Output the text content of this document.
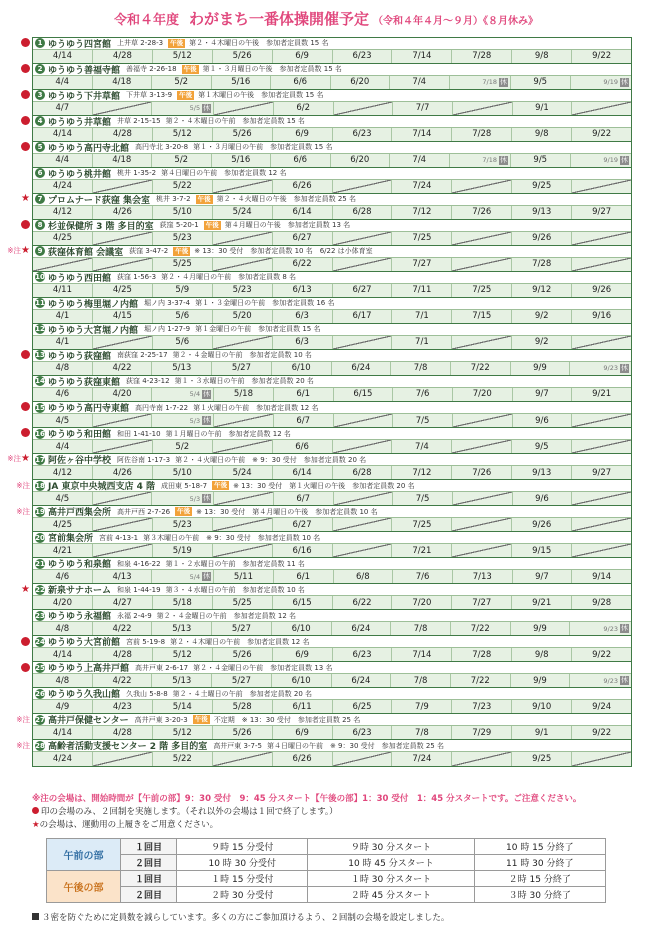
令和４年度 わがまち一番体操開催予定 （令和４年４月～９月）《８月休み》
★
※注★
※注★
※注
※注
★
※注
※注
1 ゆうゆう四宮館 上井草 2-28-3	午後 第２・４木曜日の午後　参加者定員数 15 名
4/14	4/28	5/12	5/26	6/9	6/23	7/14	7/28	9/8	9/22
2 ゆうゆう善福寺館 善福寺 2-26-18	午後 第１・３月曜日の午後　参加者定員数 15 名
4/4	4/18	5/2	5/16	6/6	6/20	7/4	7/18 休	9/5	9/19 休
3 ゆうゆう下井草館 下井草 3-13-9	午後 第１木曜日の午後　参加者定員数 15 名
4/7	5/5 休	6/2	7/7	9/1
4 ゆうゆう井草館 井草 2-15-15 第２・４木曜日の午前　参加者定員数 15 名
4/14	4/28	5/12	5/26	6/9	6/23	7/14	7/28	9/8	9/22
5 ゆうゆう高円寺北館 高円寺北 3-20-8 第１・３月曜日の午前　参加者定員数 15 名
4/4	4/18	5/2	5/16	6/6	6/20	7/4	7/18 休	9/5	9/19 休
6 ゆうゆう桃井館 桃井 1-35-2 第４日曜日の午前　参加者定員数 12 名
4/24	5/22	6/26	7/24	9/25
7 プロムナード荻窪 集会室 桃井 3-7-2	午後 第２・４火曜日の午後　参加者定員数 25 名
4/12	4/26	5/10	5/24	6/14	6/28	7/12	7/26	9/13	9/27
8 杉並保健所 3 階 多目的室 荻窪 5-20-1	午後 第４月曜日の午後　参加者定員数 13 名
4/25	5/23	6/27	7/25	9/26
9 荻窪体育館 会議室 荻窪 3-47-2	午後 ※ 13：30 受付　参加者定員数 10 名　6/22 は小体育室
5/25	6/22	7/27	7/28
10 ゆうゆう西田館 荻窪 1-56-3 第２・４月曜日の午前　参加者定員数 8 名
4/11	4/25	5/9	5/23	6/13	6/27	7/11	7/25	9/12	9/26
11 ゆうゆう梅里堀ノ内館 堀ノ内 3-37-4 第１・３金曜日の午前　参加者定員数 16 名
4/1	4/15	5/6	5/20	6/3	6/17	7/1	7/15	9/2	9/16
12 ゆうゆう大宮堀ノ内館 堀ノ内 1-27-9 第１金曜日の午前　参加者定員数 15 名
4/1	5/6	6/3	7/1	9/2
13 ゆうゆう荻窪館 南荻窪 2-25-17 第２・４金曜日の午前　参加者定員数 10 名
4/8	4/22	5/13	5/27	6/10	6/24	7/8	7/22	9/9	9/23 休
14 ゆうゆう荻窪東館 荻窪 4-23-12 第１・３水曜日の午前　参加者定員数 20 名
4/6	4/20	5/4 休	5/18	6/1	6/15	7/6	7/20	9/7	9/21
15 ゆうゆう高円寺東館 高円寺南 1-7-22 第１火曜日の午前　参加者定員数 12 名
4/5	5/3 休	6/7	7/5	9/6
16 ゆうゆう和田館 和田 1-41-10 第１月曜日の午前　参加者定員数 12 名
4/4	5/2	6/6	7/4	9/5
17 阿佐ヶ谷中学校 阿佐谷南 1-17-3 第２・４火曜日の午前　※ 9：30 受付　参加者定員数 20 名
4/12	4/26	5/10	5/24	6/14	6/28	7/12	7/26	9/13	9/27
18 JA 東京中央城西支店 4 階 成田東 5-18-7	午後 ※ 13：30 受付　第１火曜日の午後　参加者定員数 20 名
4/5	5/3 休	6/7	7/5	9/6
19 高井戸西集会所 高井戸西 2-7-26	午後 ※ 13：30 受付　第４月曜日の午後　参加者定員数 10 名
4/25	5/23	6/27	7/25	9/26
20 宮前集会所 宮前 4-13-1 第３木曜日の午前　※ 9：30 受付　参加者定員数 10 名
4/21	5/19	6/16	7/21	9/15
21 ゆうゆう和泉館 和泉 4-16-22 第１・２水曜日の午前　参加者定員数 11 名
4/6	4/13	5/4 休	5/11	6/1	6/8	7/6	7/13	9/7	9/14
22 新泉サナホーム 和泉 1-44-19 第３・４水曜日の午前　参加者定員数 10 名
4/20	4/27	5/18	5/25	6/15	6/22	7/20	7/27	9/21	9/28
23 ゆうゆう永福館 永福 2-4-9 第２・４金曜日の午前　参加者定員数 12 名
4/8	4/22	5/13	5/27	6/10	6/24	7/8	7/22	9/9	9/23 休
24 ゆうゆう大宮前館 宮前 5-19-8 第２・４木曜日の午前　参加者定員数 12 名
4/14	4/28	5/12	5/26	6/9	6/23	7/14	7/28	9/8	9/22
25 ゆうゆう上高井戸館 高井戸東 2-6-17 第２・４金曜日の午前　参加者定員数 13 名
4/8	4/22	5/13	5/27	6/10	6/24	7/8	7/22	9/9	9/23 休
26 ゆうゆう久我山館 久我山 5-8-8 第２・４土曜日の午前　参加者定員数 20 名
4/9	4/23	5/14	5/28	6/11	6/25	7/9	7/23	9/10	9/24
27 高井戸保健センター 高井戸東 3-20-3	午後 不定期　※ 13：30 受付　参加者定員数 25 名
4/14	4/28	5/12	5/26	6/9	6/23	7/8	7/29	9/1	9/22
28 高齢者活動支援センター 2 階 多目的室 高井戸東 3-7-5 第４日曜日の午前　※ 9：30 受付　参加者定員数 25 名
4/24	5/22	6/26	7/24	9/25
※注の会場は、開始時間が【午前の部】9：30 受付　9：45 分スタート【午後の部】1：30 受付　1：45 分スタートです。ご注意ください。
印の会場のみ、２回制を実施します。（それ以外の会場は１回で終了します。）
★の会場は、運動用の上履きをご用意ください。
午前の部	１回目	９時 15 分受付	９時 30 分スタート	10 時 15 分終了
	２回目	10 時 30 分受付	10 時 45 分スタート	11 時 30 分終了
午後の部	１回目	１時 15 分受付	１時 30 分スタート	２時 15 分終了
	２回目	２時 30 分受付	２時 45 分スタート	３時 30 分終了
３密を防ぐために定員数を減らしています。多くの方にご参加頂けるよう、２回制の会場を設定しました。
